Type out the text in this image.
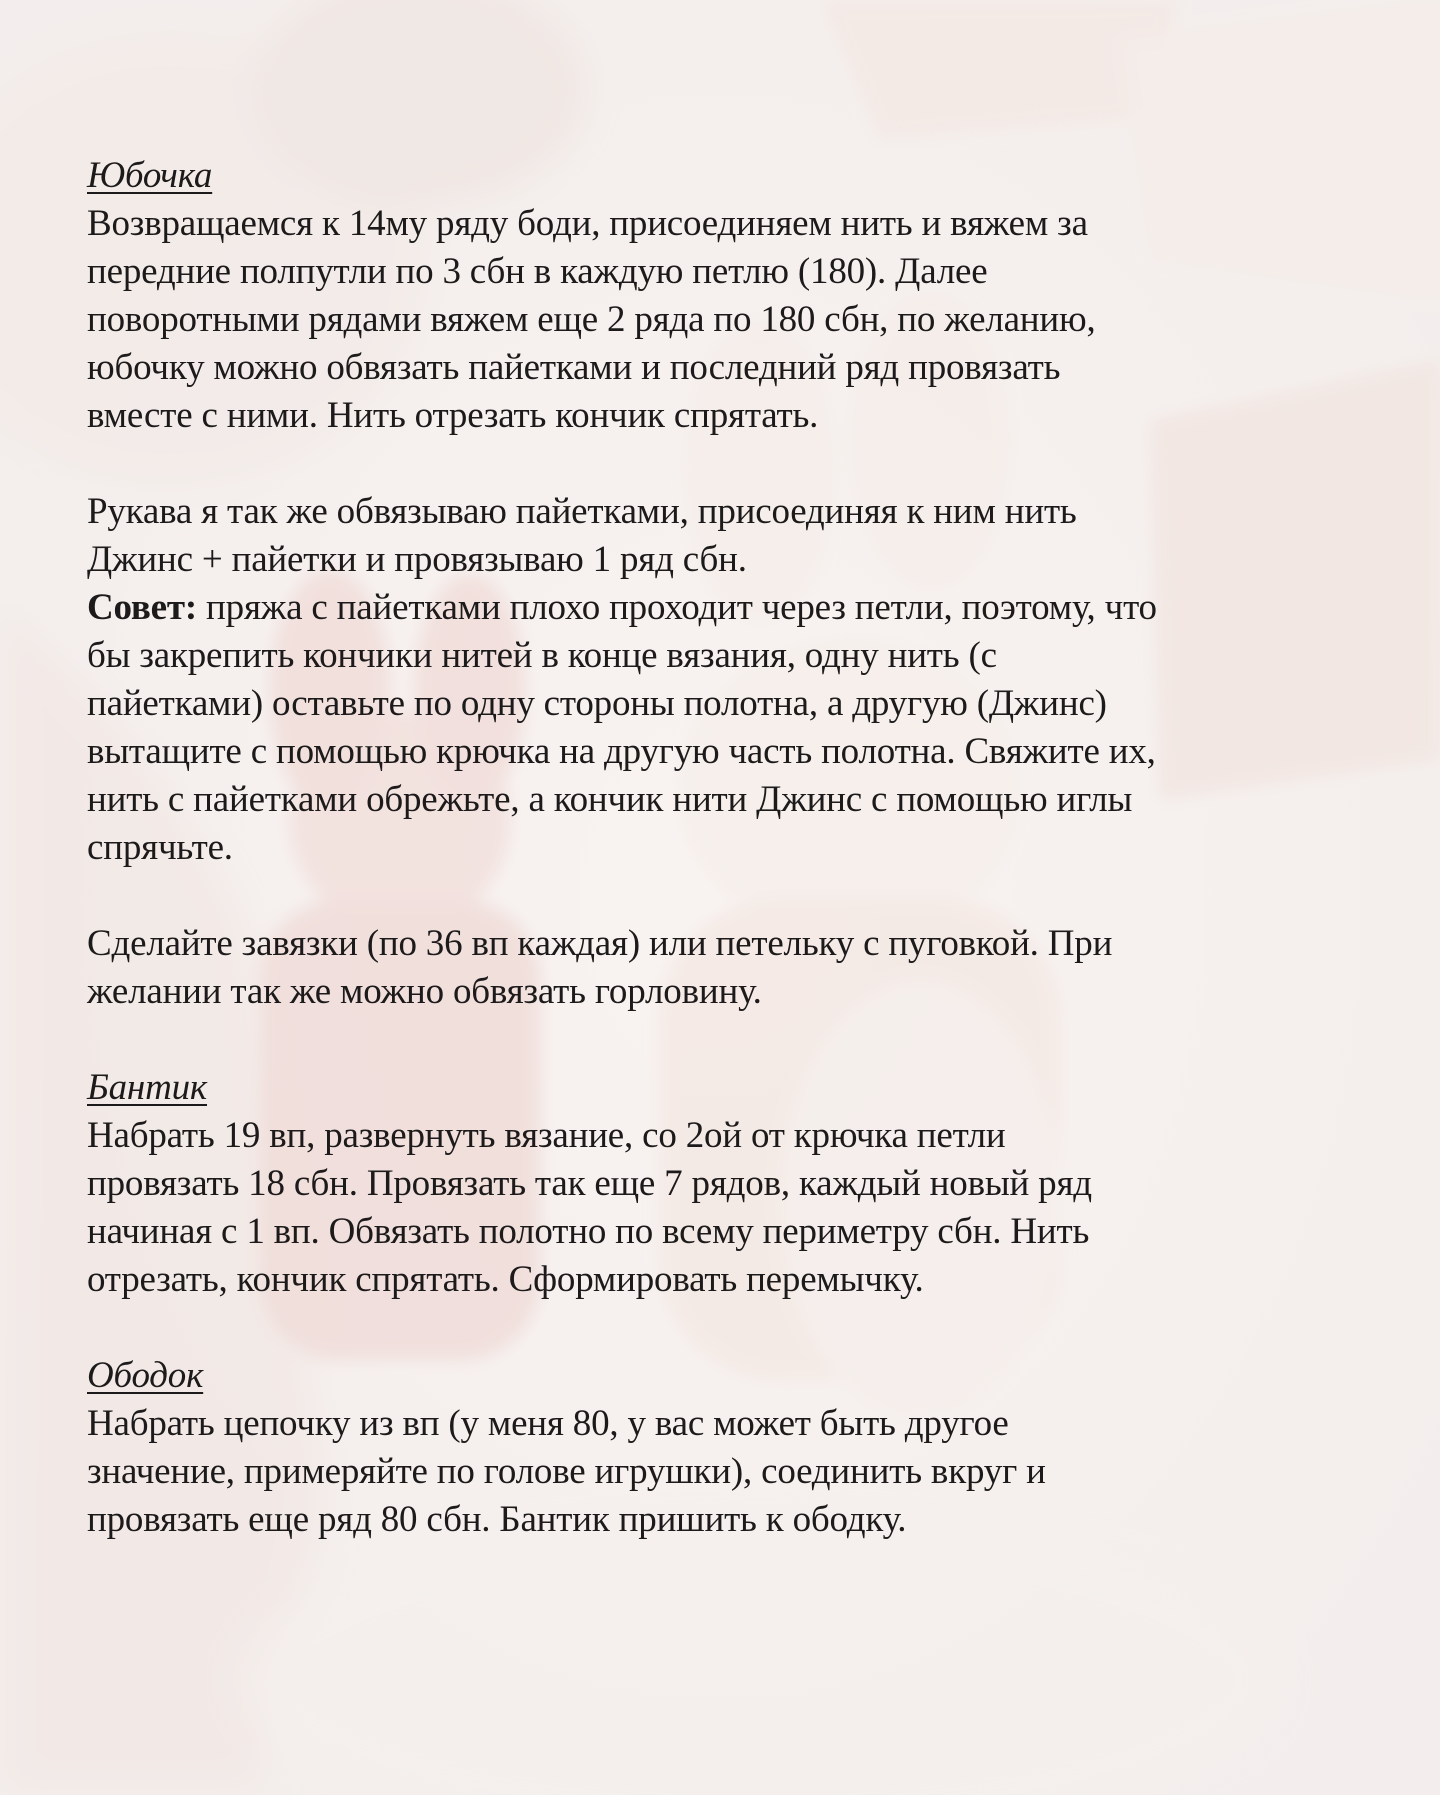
Юбочка

Возвращаемся к 14му ряду боди, присоединяем нить и вяжем за

передние полпутли по 3 сбн в каждую петлю (180). Далее

поворотными рядами вяжем еще 2 ряда по 180 сбн, по желанию,

юбочку можно обвязать пайетками и последний ряд провязать

вместе с ними. Нить отрезать кончик спрятать.

Рукава я так же обвязываю пайетками, присоединяя к ним нить

Джинс + пайетки и провязываю 1 ряд сбн.

Совет: пряжа с пайетками плохо проходит через петли, поэтому, что

бы закрепить кончики нитей в конце вязания, одну нить (с

пайетками) оставьте по одну стороны полотна, а другую (Джинс)

вытащите с помощью крючка на другую часть полотна. Свяжите их,

нить с пайетками обрежьте, а кончик нити Джинс с помощью иглы

спрячьте.

Сделайте завязки (по 36 вп каждая) или петельку с пуговкой. При

желании так же можно обвязать горловину.

Бантик

Набрать 19 вп, развернуть вязание, со 2ой от крючка петли

провязать 18 сбн. Провязать так еще 7 рядов, каждый новый ряд

начиная с 1 вп. Обвязать полотно по всему периметру сбн. Нить

отрезать, кончик спрятать. Сформировать перемычку.

Ободок

Набрать цепочку из вп (у меня 80, у вас может быть другое

значение, примеряйте по голове игрушки), соединить вкруг и

провязать еще ряд 80 сбн. Бантик пришить к ободку.
